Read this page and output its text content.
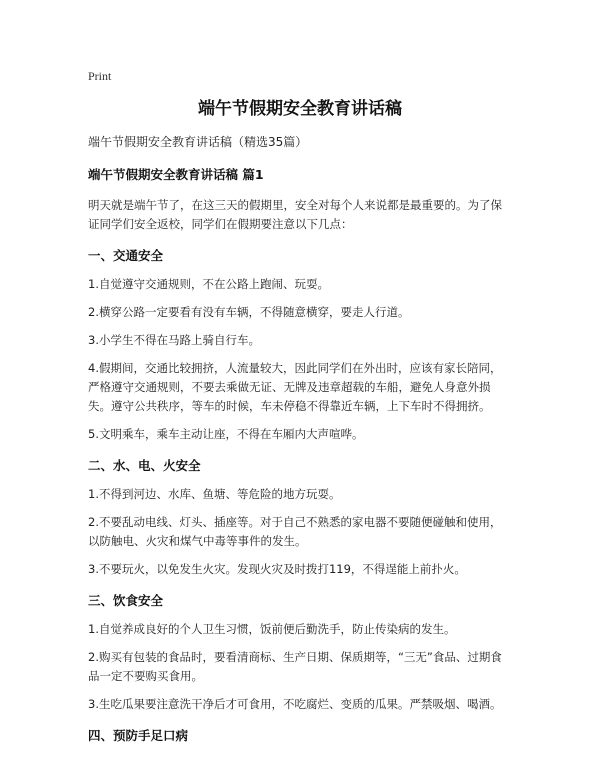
Print

端午节假期安全教育讲话稿

端午节假期安全教育讲话稿（精选35篇）

端午节假期安全教育讲话稿 篇1

明天就是端午节了，在这三天的假期里，安全对每个人来说都是最重要的。为了保证同学们安全返校，同学们在假期要注意以下几点：

一、交通安全

1.自觉遵守交通规则，不在公路上跑闹、玩耍。

2.横穿公路一定要看有没有车辆，不得随意横穿，要走人行道。

3.小学生不得在马路上骑自行车。

4.假期间，交通比较拥挤，人流量较大，因此同学们在外出时，应该有家长陪同，严格遵守交通规则，不要去乘做无证、无牌及违章超载的车船，避免人身意外损失。遵守公共秩序，等车的时候，车未停稳不得靠近车辆，上下车时不得拥挤。

5.文明乘车，乘车主动让座，不得在车厢内大声喧哗。

二、水、电、火安全

1.不得到河边、水库、鱼塘、等危险的地方玩耍。

2.不要乱动电线、灯头、插座等。对于自己不熟悉的家电器不要随便碰触和使用，以防触电、火灾和煤气中毒等事件的发生。

3.不要玩火，以免发生火灾。发现火灾及时拨打119，不得逞能上前扑火。

三、饮食安全

1.自觉养成良好的个人卫生习惯，饭前便后勤洗手，防止传染病的发生。

2.购买有包装的食品时，要看清商标、生产日期、保质期等，“三无”食品、过期食品一定不要购买食用。

3.生吃瓜果要注意洗干净后才可食用，不吃腐烂、变质的瓜果。严禁吸烟、喝酒。

四、预防手足口病
